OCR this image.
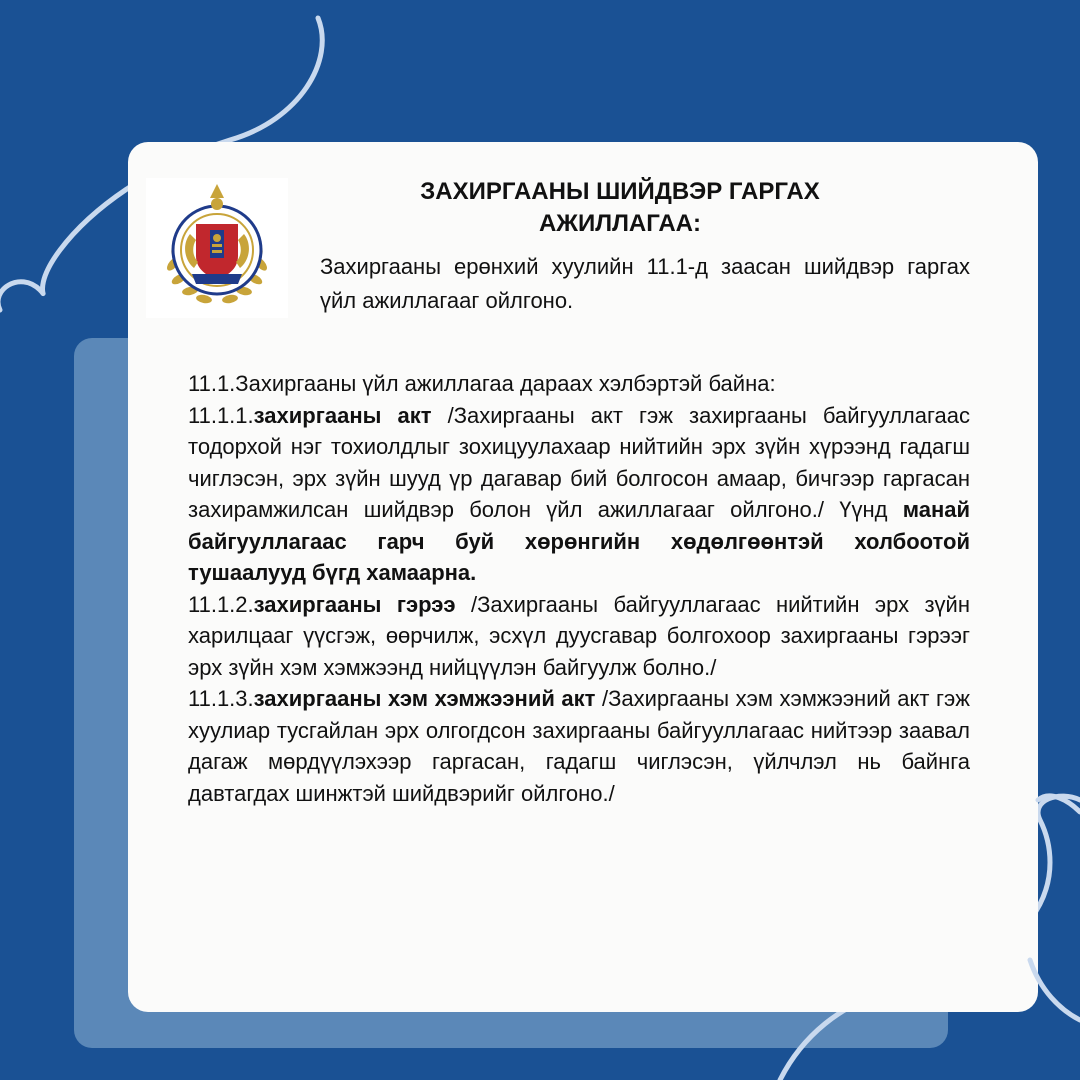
ЗАХИРГААНЫ ШИЙДВЭР ГАРГАХ
АЖИЛЛАГАА:
Захиргааны ерөнхий хуулийн 11.1-д заасан шийдвэр гаргах үйл ажиллагааг ойлгоно.

11.1.Захиргааны үйл ажиллагаа дараах хэлбэртэй байна:

11.1.1.захиргааны акт /Захиргааны акт гэж захиргааны байгууллагаас тодорхой нэг тохиолдлыг зохицуулахаар нийтийн эрх зүйн хүрээнд гадагш чиглэсэн, эрх зүйн шууд үр дагавар бий болгосон амаар, бичгээр гаргасан захирамжилсан шийдвэр болон үйл ажиллагааг ойлгоно./ Үүнд манай байгууллагаас гарч буй хөрөнгийн хөдөлгөөнтэй холбоотой тушаалууд бүгд хамаарна.

11.1.2.захиргааны гэрээ /Захиргааны байгууллагаас нийтийн эрх зүйн харилцааг үүсгэж, өөрчилж, эсхүл дуусгавар болгохоор захиргааны гэрээг эрх зүйн хэм хэмжээнд нийцүүлэн байгуулж болно./

11.1.3.захиргааны хэм хэмжээний акт /Захиргааны хэм хэмжээний акт гэж хуулиар тусгайлан эрх олгогдсон захиргааны байгууллагаас нийтээр заавал дагаж мөрдүүлэхээр гаргасан, гадагш чиглэсэн, үйлчлэл нь байнга давтагдах шинжтэй шийдвэрийг ойлгоно./
